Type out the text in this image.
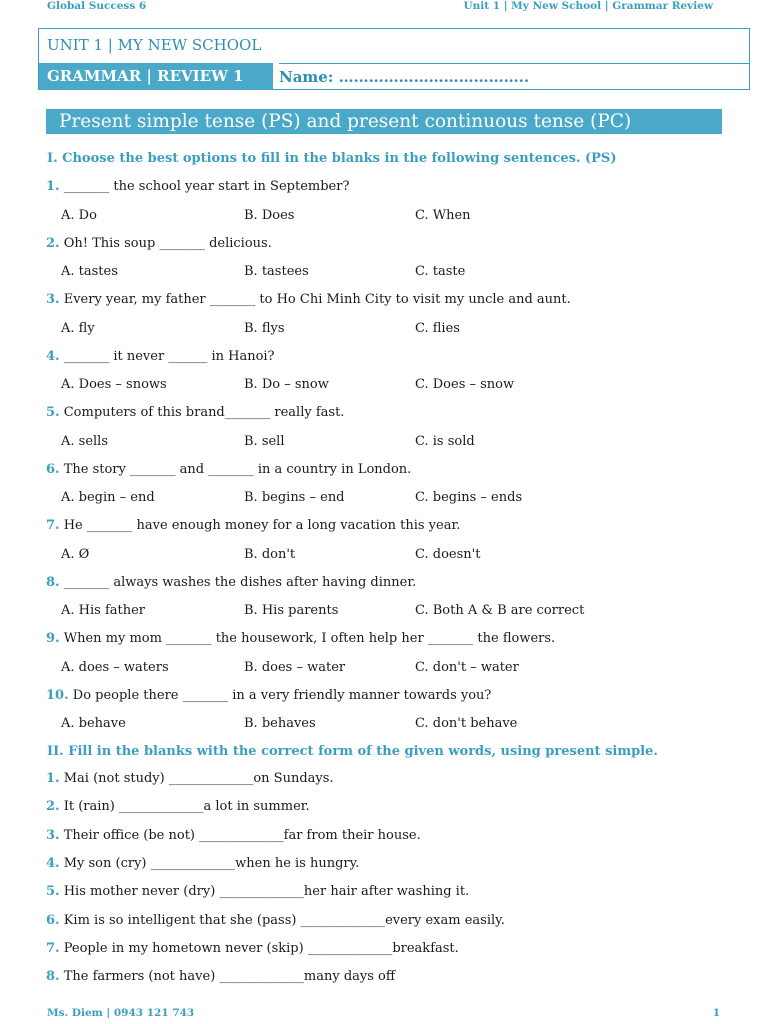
Global Success 6	Unit 1 | My New School | Grammar Review
UNIT 1 | MY NEW SCHOOL
GRAMMAR | REVIEW 1	Name: ………………………………..
Present simple tense (PS) and present continuous tense (PC)
I. Choose the best options to fill in the blanks in the following sentences. (PS)
1. _______ the school year start in September?
A. Do	B. Does	C. When
2. Oh! This soup _______ delicious.
A. tastes	B. tastees	C. taste
3. Every year, my father _______ to Ho Chi Minh City to visit my uncle and aunt.
A. fly	B. flys	C. flies
4. _______ it never ______ in Hanoi?
A. Does – snows	B. Do – snow	C. Does – snow
5. Computers of this brand_______ really fast.
A. sells	B. sell	C. is sold
6. The story _______ and _______ in a country in London.
A. begin – end	B. begins – end	C. begins – ends
7. He _______ have enough money for a long vacation this year.
A. Ø	B. don't	C. doesn't
8. _______ always washes the dishes after having dinner.
A. His father	B. His parents	C. Both A & B are correct
9. When my mom _______ the housework, I often help her _______ the flowers.
A. does – waters	B. does – water	C. don't – water
10. Do people there _______ in a very friendly manner towards you?
A. behave	B. behaves	C. don't behave
II. Fill in the blanks with the correct form of the given words, using present simple.
1. Mai (not study) _____________on Sundays.
2. It (rain) _____________a lot in summer.
3. Their office (be not) _____________far from their house.
4. My son (cry) _____________when he is hungry.
5. His mother never (dry) _____________her hair after washing it.
6. Kim is so intelligent that she (pass) _____________every exam easily.
7. People in my hometown never (skip) _____________breakfast.
8. The farmers (not have) _____________many days off
Ms. Diem | 0943 121 743	1
